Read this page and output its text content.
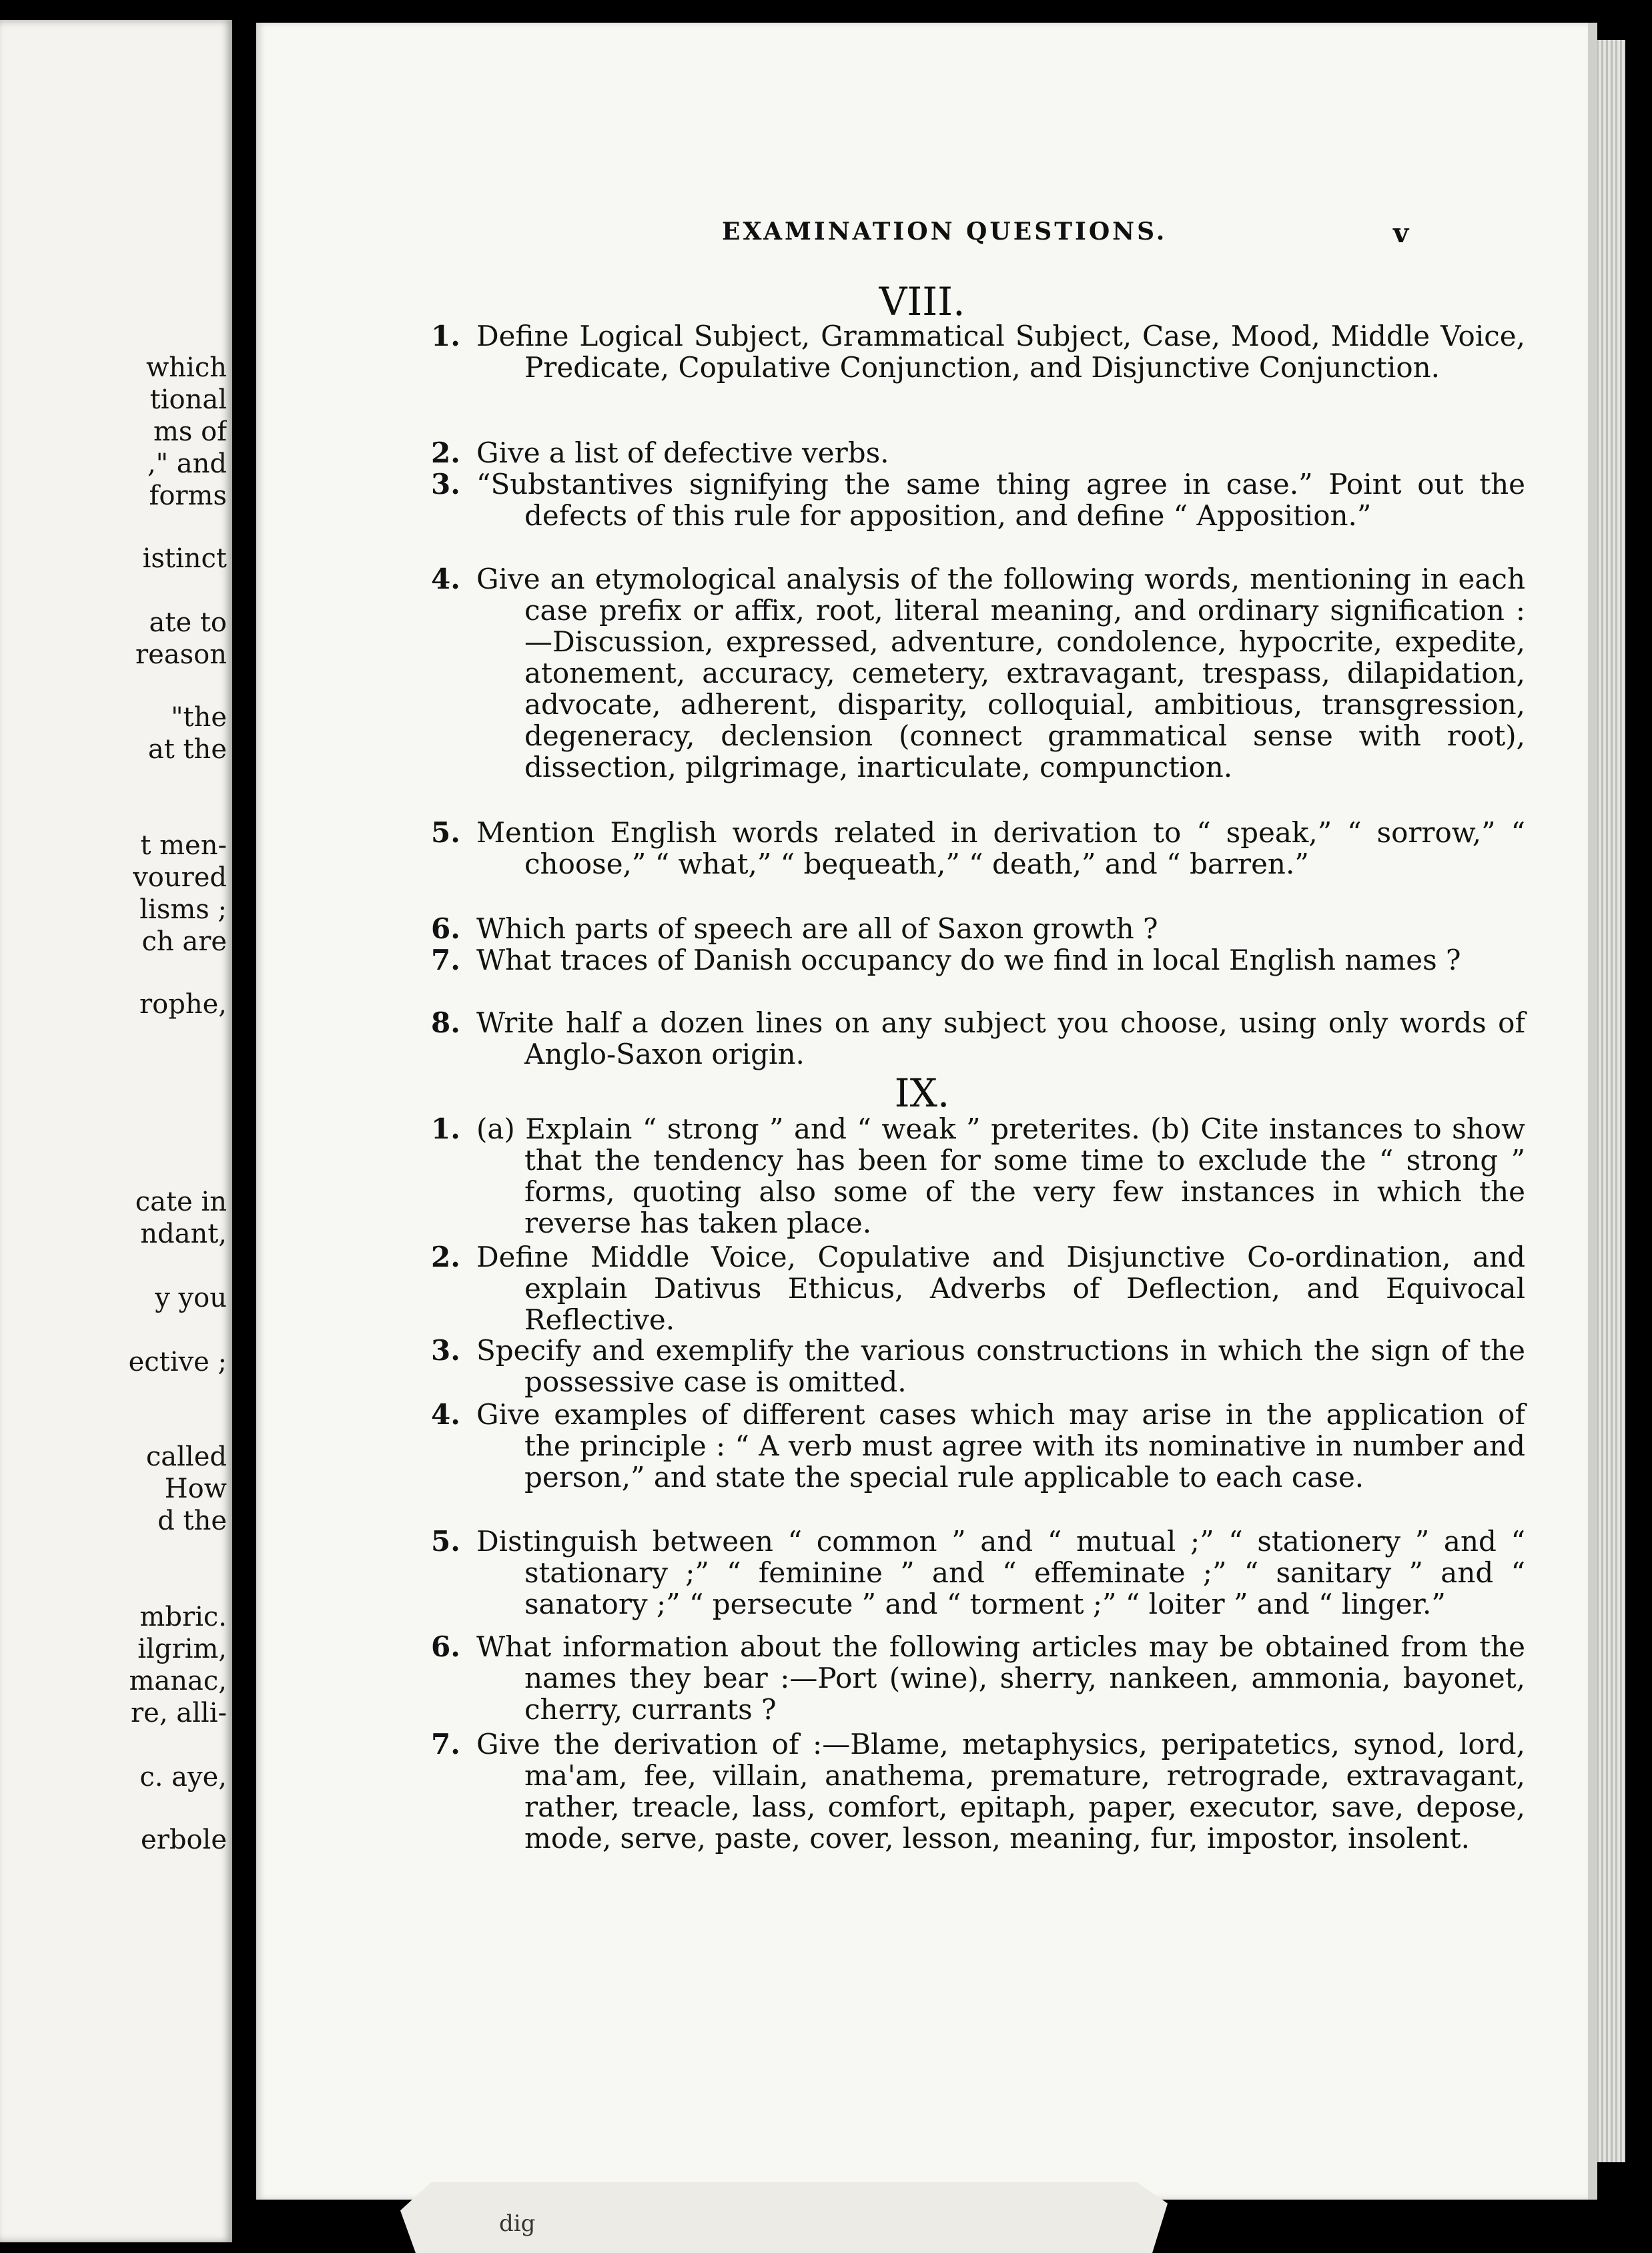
which
tional
ms of
," and
forms
istinct
ate to
reason
"the
at the
t men-
voured
lisms ;
ch are
rophe,
cate in
ndant,
y you
ective ;
called
How
d the
mbric.
ilgrim,
manac,
re, alli-
c. aye,
erbole
EXAMINATION QUESTIONS.	v
VIII.
1. Define Logical Subject, Grammatical Subject, Case, Mood, Middle Voice, Predicate, Copulative Conjunction, and Disjunctive Conjunction.
2. Give a list of defective verbs.
3. “Substantives signifying the same thing agree in case.” Point out the defects of this rule for apposition, and define “ Apposition.”
4. Give an etymological analysis of the following words, mentioning in each case prefix or affix, root, literal meaning, and ordinary signification :—Discussion, expressed, adventure, condolence, hypocrite, expedite, atonement, accuracy, cemetery, extravagant, trespass, dilapidation, advocate, adherent, disparity, colloquial, ambitious, transgression, degeneracy, declension (connect grammatical sense with root), dissection, pilgrimage, inarticulate, compunction.
5. Mention English words related in derivation to “ speak,” “ sorrow,” “ choose,” “ what,” “ bequeath,” “ death,” and “ barren.”
6. Which parts of speech are all of Saxon growth ?
7. What traces of Danish occupancy do we find in local English names ?
8. Write half a dozen lines on any subject you choose, using only words of Anglo-Saxon origin.
IX.
1. (a) Explain “ strong ” and “ weak ” preterites. (b) Cite instances to show that the tendency has been for some time to exclude the “ strong ” forms, quoting also some of the very few instances in which the reverse has taken place.
2. Define Middle Voice, Copulative and Disjunctive Co-ordination, and explain Dativus Ethicus, Adverbs of Deflection, and Equivocal Reflective.
3. Specify and exemplify the various constructions in which the sign of the possessive case is omitted.
4. Give examples of different cases which may arise in the application of the principle : “ A verb must agree with its nominative in number and person,” and state the special rule applicable to each case.
5. Distinguish between “ common ” and “ mutual ;” “ stationery ” and “ stationary ;” “ feminine ” and “ effeminate ;” “ sanitary ” and “ sanatory ;” “ persecute ” and “ torment ;” “ loiter ” and “ linger.”
6. What information about the following articles may be obtained from the names they bear :—Port (wine), sherry, nankeen, ammonia, bayonet, cherry, currants ?
7. Give the derivation of :—Blame, metaphysics, peripatetics, synod, lord, ma'am, fee, villain, anathema, premature, retrograde, extravagant, rather, treacle, lass, comfort, epitaph, paper, executor, save, depose, mode, serve, paste, cover, lesson, meaning, fur, impostor, insolent.
dig
